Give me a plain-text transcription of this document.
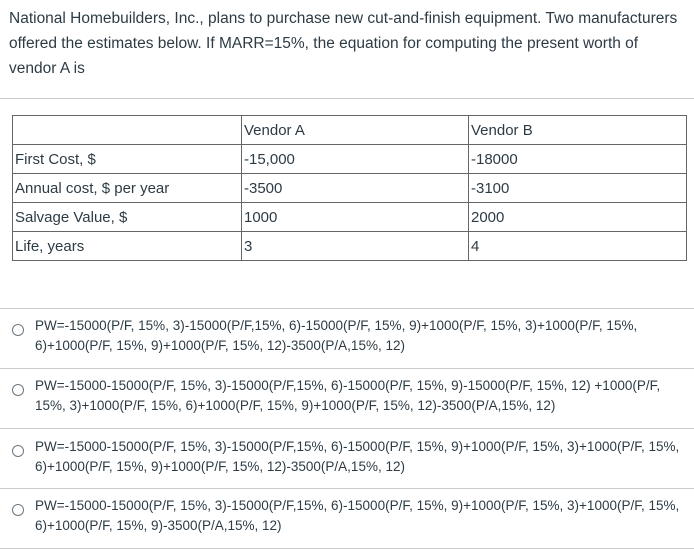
National Homebuilders, Inc., plans to purchase new cut-and-finish equipment. Two manufacturers offered the estimates below. If MARR=15%, the equation for computing the present worth of vendor A is
	Vendor A	Vendor B
First Cost, $	-15,000	-18000
Annual cost, $ per year	-3500	-3100
Salvage Value, $	1000	2000
Life, years	3	4
PW=-15000(P/F, 15%, 3)-15000(P/F,15%, 6)-15000(P/F, 15%, 9)+1000(P/F, 15%, 3)+1000(P/F, 15%, 6)+1000(P/F, 15%, 9)+1000(P/F, 15%, 12)-3500(P/A,15%, 12)
PW=-15000-15000(P/F, 15%, 3)-15000(P/F,15%, 6)-15000(P/F, 15%, 9)-15000(P/F, 15%, 12) +1000(P/F, 15%, 3)+1000(P/F, 15%, 6)+1000(P/F, 15%, 9)+1000(P/F, 15%, 12)-3500(P/A,15%, 12)
PW=-15000-15000(P/F, 15%, 3)-15000(P/F,15%, 6)-15000(P/F, 15%, 9)+1000(P/F, 15%, 3)+1000(P/F, 15%, 6)+1000(P/F, 15%, 9)+1000(P/F, 15%, 12)-3500(P/A,15%, 12)
PW=-15000-15000(P/F, 15%, 3)-15000(P/F,15%, 6)-15000(P/F, 15%, 9)+1000(P/F, 15%, 3)+1000(P/F, 15%, 6)+1000(P/F, 15%, 9)-3500(P/A,15%, 12)
